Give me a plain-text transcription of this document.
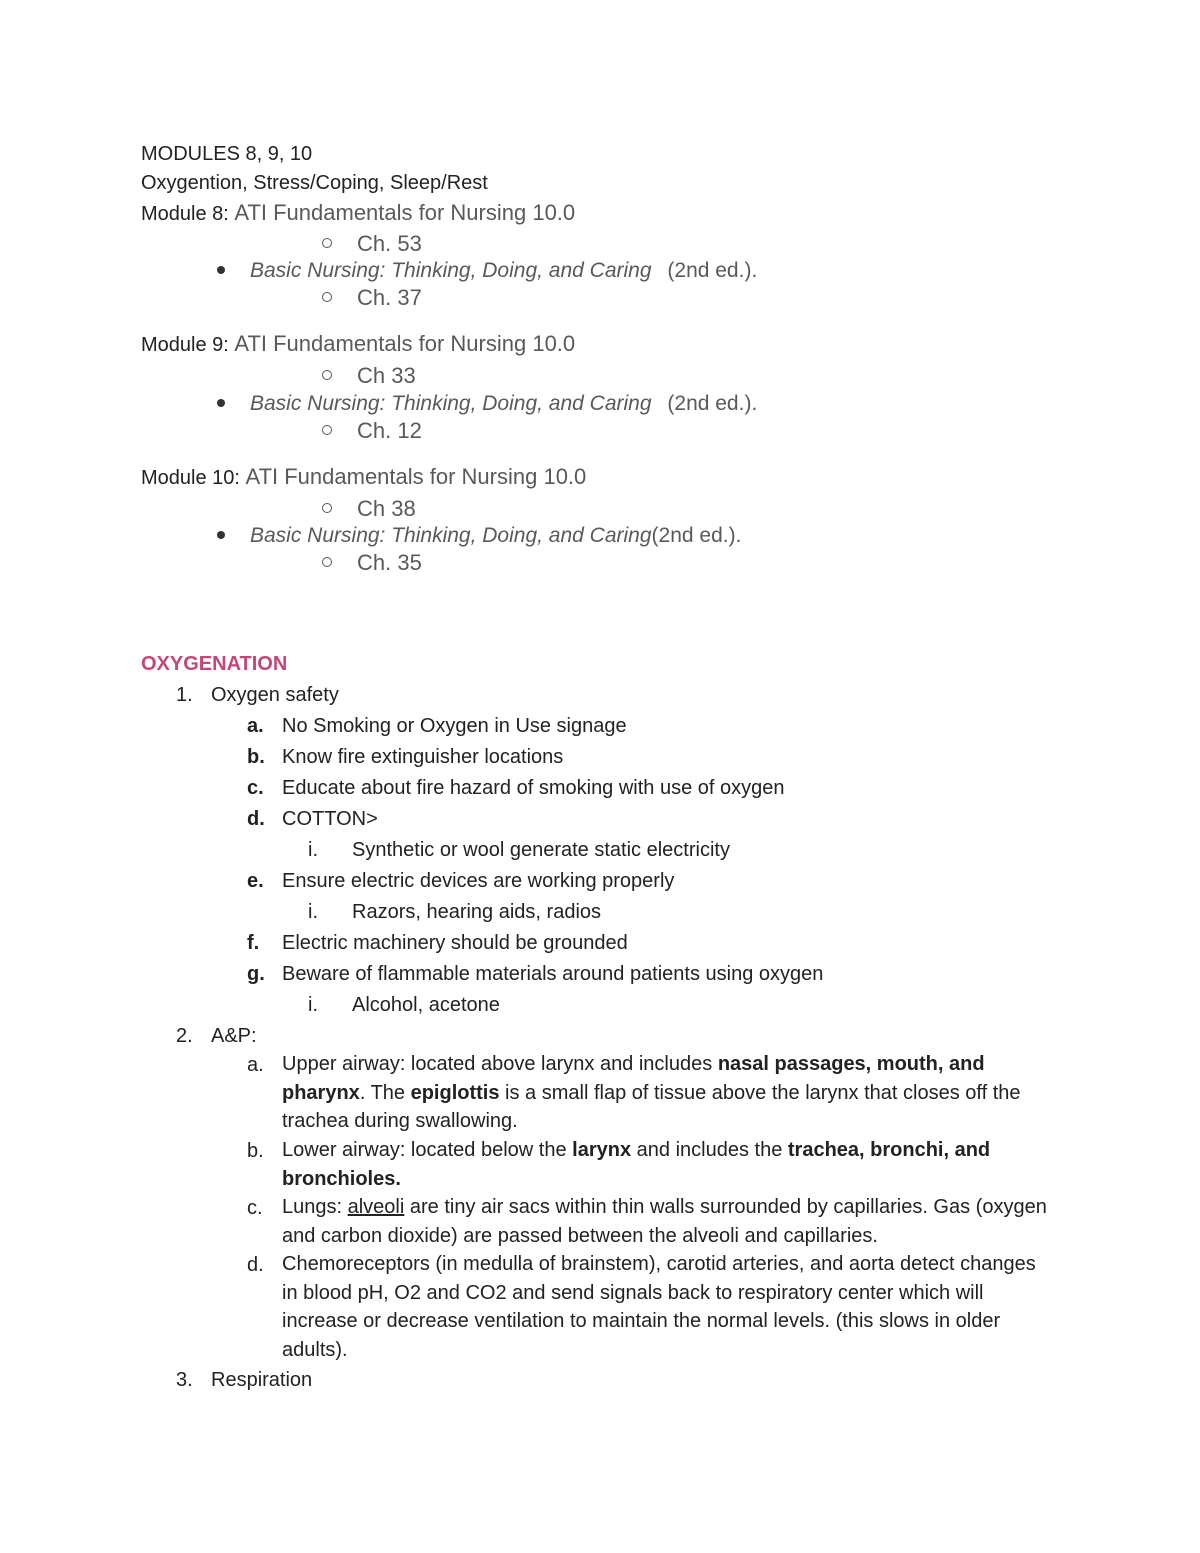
MODULES 8, 9, 10
Oxygention, Stress/Coping, Sleep/Rest
Module 8: ATI Fundamentals for Nursing 10.0
Ch. 53
Basic Nursing: Thinking, Doing, and Caring (2nd ed.).
Ch. 37
Module 9: ATI Fundamentals for Nursing 10.0
Ch 33
Basic Nursing: Thinking, Doing, and Caring (2nd ed.).
Ch. 12
Module 10: ATI Fundamentals for Nursing 10.0
Ch 38
Basic Nursing: Thinking, Doing, and Caring(2nd ed.).
Ch. 35
OXYGENATION
1. Oxygen safety
a. No Smoking or Oxygen in Use signage
b. Know fire extinguisher locations
c. Educate about fire hazard of smoking with use of oxygen
d. COTTON>
i. Synthetic or wool generate static electricity
e. Ensure electric devices are working properly
i. Razors, hearing aids, radios
f. Electric machinery should be grounded
g. Beware of flammable materials around patients using oxygen
i. Alcohol, acetone
2. A&P:
a. Upper airway: located above larynx and includes nasal passages, mouth, and pharynx. The epiglottis is a small flap of tissue above the larynx that closes off the trachea during swallowing.
b. Lower airway: located below the larynx and includes the trachea, bronchi, and bronchioles.
c. Lungs: alveoli are tiny air sacs within thin walls surrounded by capillaries. Gas (oxygen and carbon dioxide) are passed between the alveoli and capillaries.
d. Chemoreceptors (in medulla of brainstem), carotid arteries, and aorta detect changes in blood pH, O2 and CO2 and send signals back to respiratory center which will increase or decrease ventilation to maintain the normal levels. (this slows in older adults).
3. Respiration
